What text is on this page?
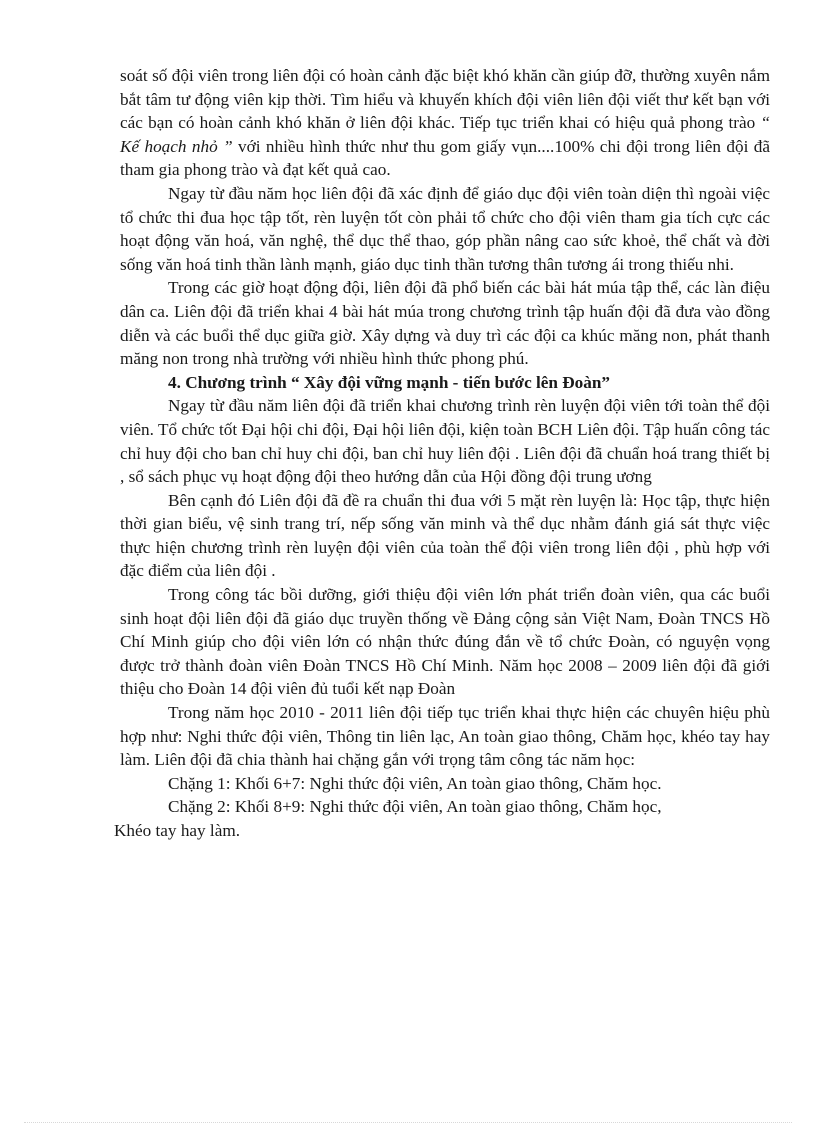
soát số đội viên trong liên đội có hoàn cảnh đặc biệt khó khăn cần giúp đỡ, thường xuyên nắm bắt tâm tư động viên kịp thời. Tìm hiểu và khuyến khích đội viên liên đội viết thư kết bạn với các bạn có hoàn cảnh khó khăn ở liên đội khác. Tiếp tục triển khai có hiệu quả phong trào “ Kế hoạch nhỏ ” với nhiều hình thức như thu gom giấy vụn....100% chi đội trong liên đội đã tham gia phong trào và đạt kết quả cao.

Ngay từ đầu năm học liên đội đã xác định để giáo dục đội viên toàn diện thì ngoài việc tổ chức thi đua học tập tốt, rèn luyện tốt còn phải tổ chức cho đội viên tham gia tích cực các hoạt động văn hoá, văn nghệ, thể dục thể thao, góp phần nâng cao sức khoẻ, thể chất và đời sống văn hoá tinh thần lành mạnh, giáo dục tinh thần tương thân tương ái trong thiếu nhi.

Trong các giờ hoạt động đội, liên đội đã phổ biến các bài hát múa tập thể, các làn điệu dân ca. Liên đội đã triển khai 4 bài hát múa trong chương trình tập huấn đội đã đưa vào đồng diễn và các buổi thể dục giữa giờ. Xây dựng và duy trì các đội ca khúc măng non, phát thanh măng non trong nhà trường với nhiều hình thức phong phú.

4. Chương trình “ Xây đội vững mạnh - tiến bước lên Đoàn”

Ngay từ đầu năm liên đội đã triển khai chương trình rèn luyện đội viên tới toàn thể đội viên. Tổ chức tốt Đại hội chi đội, Đại hội liên đội, kiện toàn BCH Liên đội. Tập huấn công tác chỉ huy đội cho ban chỉ huy chi đội, ban chỉ huy liên đội . Liên đội đã chuẩn hoá trang thiết bị , sổ sách phục vụ hoạt động đội theo hướng dẫn của Hội đồng đội trung ương

Bên cạnh đó Liên đội đã đề ra chuẩn thi đua với 5 mặt rèn luyện là: Học tập, thực hiện thời gian biểu, vệ sinh trang trí, nếp sống văn minh và thể dục nhằm đánh giá sát thực việc thực hiện chương trình rèn luyện đội viên của toàn thể đội viên trong liên đội , phù hợp với đặc điểm của liên đội .

Trong công tác bồi dưỡng, giới thiệu đội viên lớn phát triển đoàn viên, qua các buổi sinh hoạt đội liên đội đã giáo dục truyền thống về Đảng cộng sản Việt Nam, Đoàn TNCS Hồ Chí Minh giúp cho đội viên lớn có nhận thức đúng đắn về tổ chức Đoàn, có nguyện vọng được trở thành đoàn viên Đoàn TNCS Hồ Chí Minh. Năm học 2008 – 2009 liên đội đã giới thiệu cho Đoàn 14 đội viên đủ tuổi kết nạp Đoàn

Trong năm học 2010 - 2011 liên đội tiếp tục triển khai thực hiện các chuyên hiệu phù hợp như: Nghi thức đội viên, Thông tin liên lạc, An toàn giao thông, Chăm học, khéo tay hay làm. Liên đội đã chia thành hai chặng gắn với trọng tâm công tác năm học:

Chặng 1: Khối 6+7: Nghi thức đội viên, An toàn giao thông, Chăm học.

Chặng 2: Khối 8+9: Nghi thức đội viên, An toàn giao thông, Chăm học,

Khéo tay hay làm.
